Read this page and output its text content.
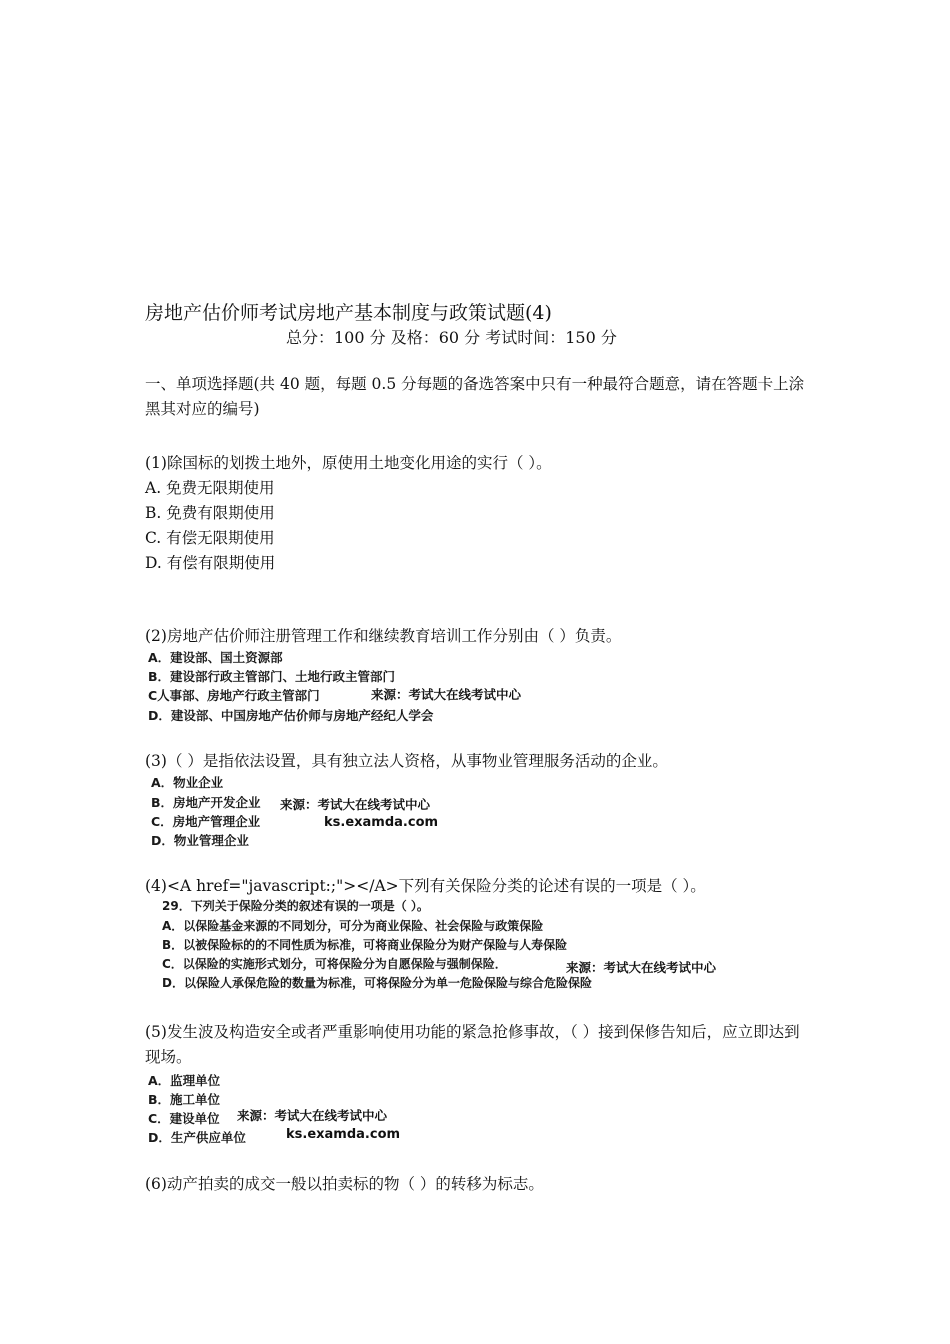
房地产估价师考试房地产基本制度与政策试题(4)
总分：100 分 及格：60 分 考试时间：150 分
一、单项选择题(共 40 题，每题 0.5 分每题的备选答案中只有一种最符合题意，请在答题卡上涂黑其对应的编号)
(1)除国标的划拨土地外，原使用土地变化用途的实行（ ）。
A. 免费无限期使用
B. 免费有限期使用
C. 有偿无限期使用
D. 有偿有限期使用
(2)房地产估价师注册管理工作和继续教育培训工作分别由（ ）负责。
A．建设部、国土资源部
B．建设部行政主管部门、土地行政主管部门
C人事部、房地产行政主管部门	来源：考试大在线考试中心
D．建设部、中国房地产估价师与房地产经纪人学会
(3)（ ）是指依法设置，具有独立法人资格，从事物业管理服务活动的企业。
A．物业企业
B．房地产开发企业 来源：考试大在线考试中心
C．房地产管理企业	ks.examda.com
D．物业管理企业
(4)<A href="javascript:;"></A>下列有关保险分类的论述有误的一项是（ ）。
29．下列关于保险分类的叙述有误的一项是（ ）。
A．以保险基金来源的不同划分，可分为商业保险、社会保险与政策保险
B．以被保险标的的不同性质为标准，可将商业保险分为财产保险与人寿保险
C．以保险的实施形式划分，可将保险分为自愿保险与强制保险．	来源：考试大在线考试中心
D．以保险人承保危险的数量为标准，可将保险分为单一危险保险与综合危险保险
(5)发生波及构造安全或者严重影响使用功能的紧急抢修事故，（ ）接到保修告知后，应立即达到现场。
A．监理单位
B．施工单位
C．建设单位 来源：考试大在线考试中心
D．生产供应单位	ks.examda.com
(6)动产拍卖的成交一般以拍卖标的物（ ）的转移为标志。
